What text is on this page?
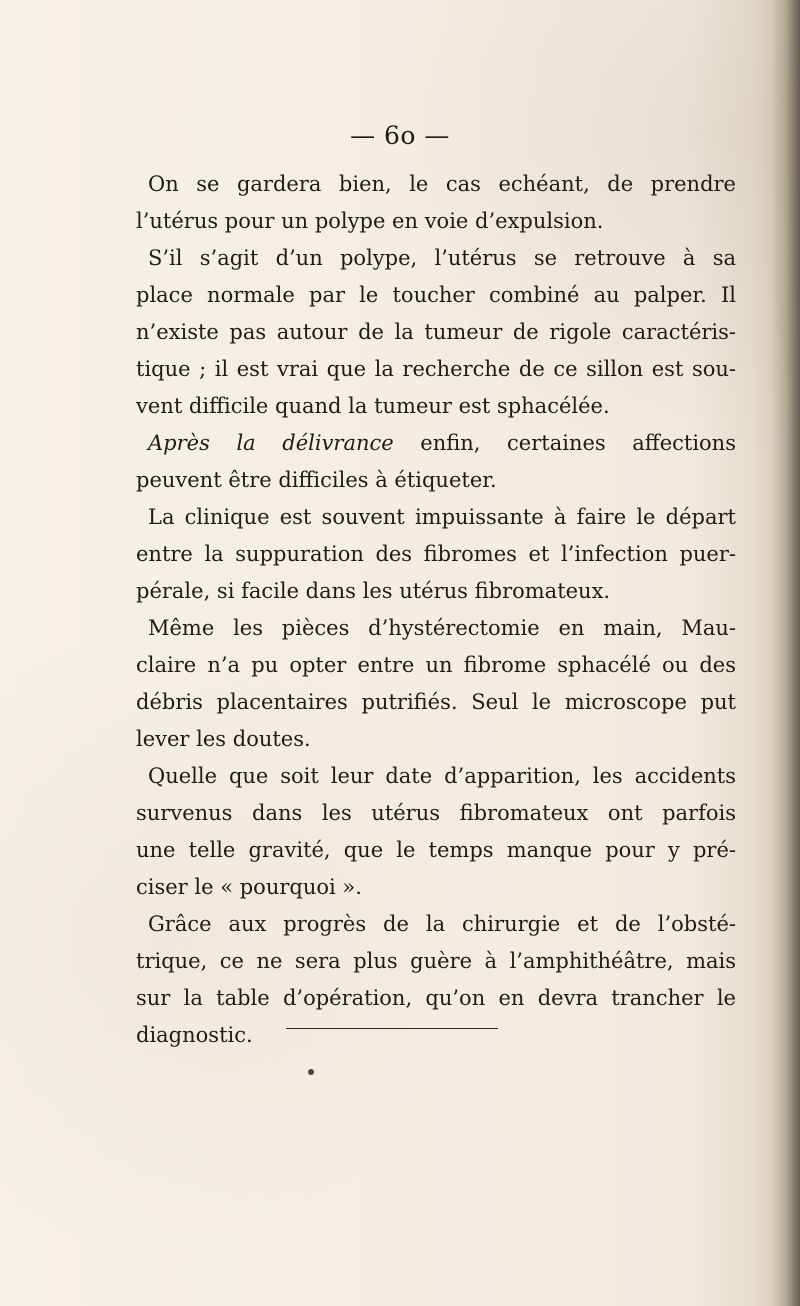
— 6o —
On se gardera bien, le cas echéant, de prendre
l’utérus pour un polype en voie d’expulsion.
S’il s’agit d’un polype, l’utérus se retrouve à sa
place normale par le toucher combiné au palper. Il
n’existe pas autour de la tumeur de rigole caractéris-
tique ; il est vrai que la recherche de ce sillon est sou-
vent difficile quand la tumeur est sphacélée.
Après la délivrance enfin, certaines affections
peuvent être difficiles à étiqueter.
La clinique est souvent impuissante à faire le départ
entre la suppuration des fibromes et l’infection puer-
pérale, si facile dans les utérus fibromateux.
Même les pièces d’hystérectomie en main, Mau-
claire n’a pu opter entre un fibrome sphacélé ou des
débris placentaires putrifiés. Seul le microscope put
lever les doutes.
Quelle que soit leur date d’apparition, les accidents
survenus dans les utérus fibromateux ont parfois
une telle gravité, que le temps manque pour y pré-
ciser le « pourquoi ».
Grâce aux progrès de la chirurgie et de l’obsté-
trique, ce ne sera plus guère à l’amphithéâtre, mais
sur la table d’opération, qu’on en devra trancher le
diagnostic.
